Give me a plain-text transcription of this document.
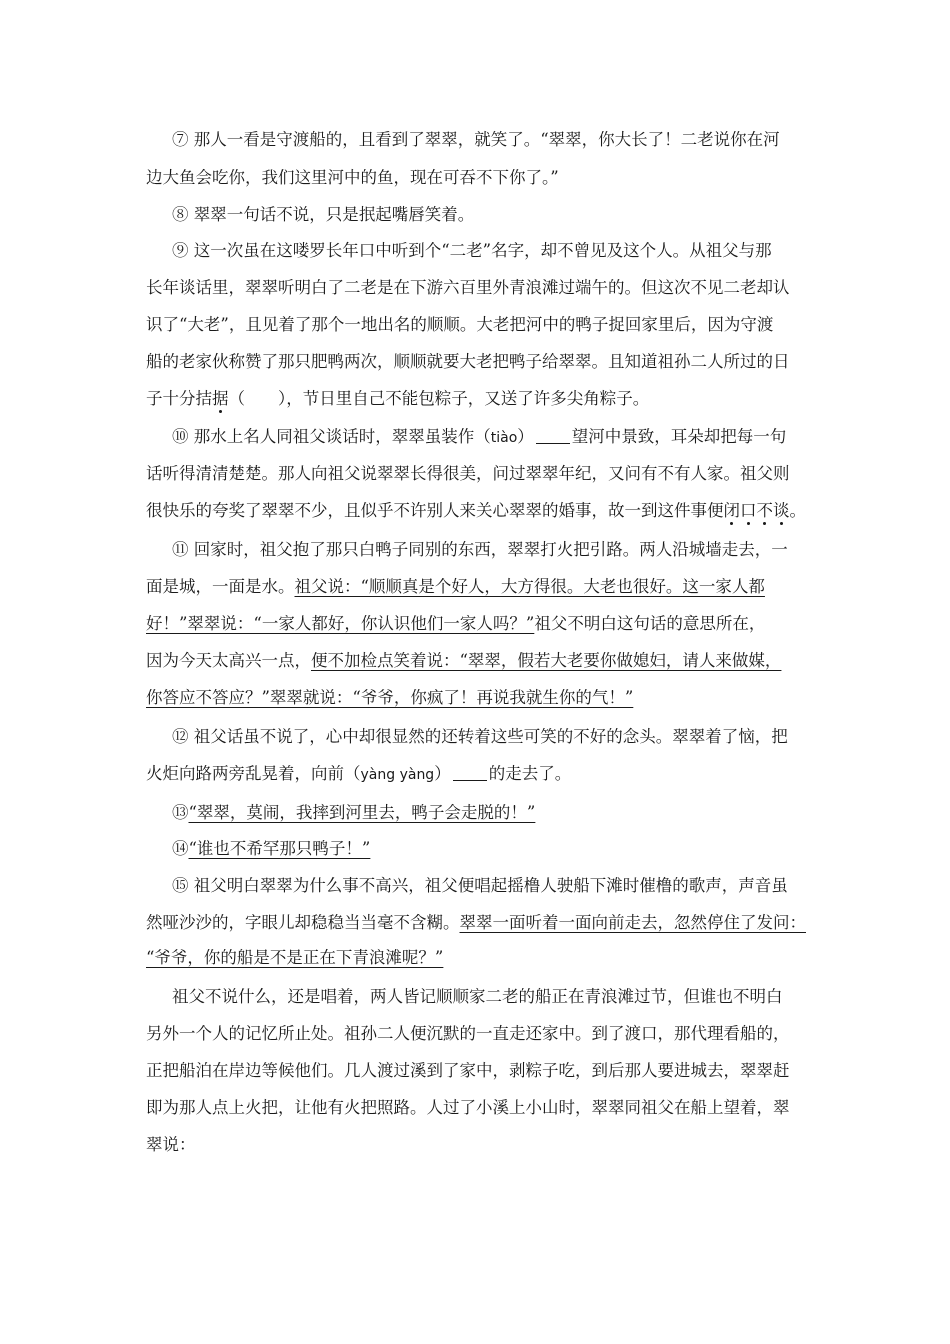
⑦ 那人一看是守渡船的，且看到了翠翠，就笑了。“翠翠，你大长了！二老说你在河
边大鱼会吃你，我们这里河中的鱼，现在可吞不下你了。”
⑧ 翠翠一句话不说，只是抿起嘴唇笑着。
⑨ 这一次虽在这喽罗长年口中听到个“二老”名字，却不曾见及这个人。从祖父与那
长年谈话里，翠翠听明白了二老是在下游六百里外青浪滩过端午的。但这次不见二老却认
识了“大老”，且见着了那个一地出名的顺顺。大老把河中的鸭子捉回家里后，因为守渡
船的老家伙称赞了那只肥鸭两次，顺顺就要大老把鸭子给翠翠。且知道祖孙二人所过的日
子十分拮据（　　），节日里自己不能包粽子，又送了许多尖角粽子。
⑩ 那水上名人同祖父谈话时，翠翠虽装作（tiào） 望河中景致，耳朵却把每一句
话听得清清楚楚。那人向祖父说翠翠长得很美，问过翠翠年纪，又问有不有人家。祖父则
很快乐的夸奖了翠翠不少，且似乎不许别人来关心翠翠的婚事，故一到这件事便闭口不谈。
⑪ 回家时，祖父抱了那只白鸭子同别的东西，翠翠打火把引路。两人沿城墙走去，一
面是城，一面是水。祖父说：“顺顺真是个好人，大方得很。大老也很好。这一家人都
好！”翠翠说：“一家人都好，你认识他们一家人吗？”祖父不明白这句话的意思所在，
因为今天太高兴一点，便不加检点笑着说：“翠翠，假若大老要你做媳妇，请人来做媒，
你答应不答应？”翠翠就说：“爷爷，你疯了！再说我就生你的气！”
⑫ 祖父话虽不说了，心中却很显然的还转着这些可笑的不好的念头。翠翠着了恼，把
火炬向路两旁乱晃着，向前（yàng yàng） 的走去了。
⑬“翠翠，莫闹，我摔到河里去，鸭子会走脱的！”
⑭“谁也不希罕那只鸭子！”
⑮ 祖父明白翠翠为什么事不高兴，祖父便唱起摇橹人驶船下滩时催橹的歌声，声音虽
然哑沙沙的，字眼儿却稳稳当当毫不含糊。翠翠一面听着一面向前走去，忽然停住了发问：
“爷爷，你的船是不是正在下青浪滩呢？”
祖父不说什么，还是唱着，两人皆记顺顺家二老的船正在青浪滩过节，但谁也不明白
另外一个人的记忆所止处。祖孙二人便沉默的一直走还家中。到了渡口，那代理看船的，
正把船泊在岸边等候他们。几人渡过溪到了家中，剥粽子吃，到后那人要进城去，翠翠赶
即为那人点上火把，让他有火把照路。人过了小溪上小山时，翠翠同祖父在船上望着，翠
翠说：
